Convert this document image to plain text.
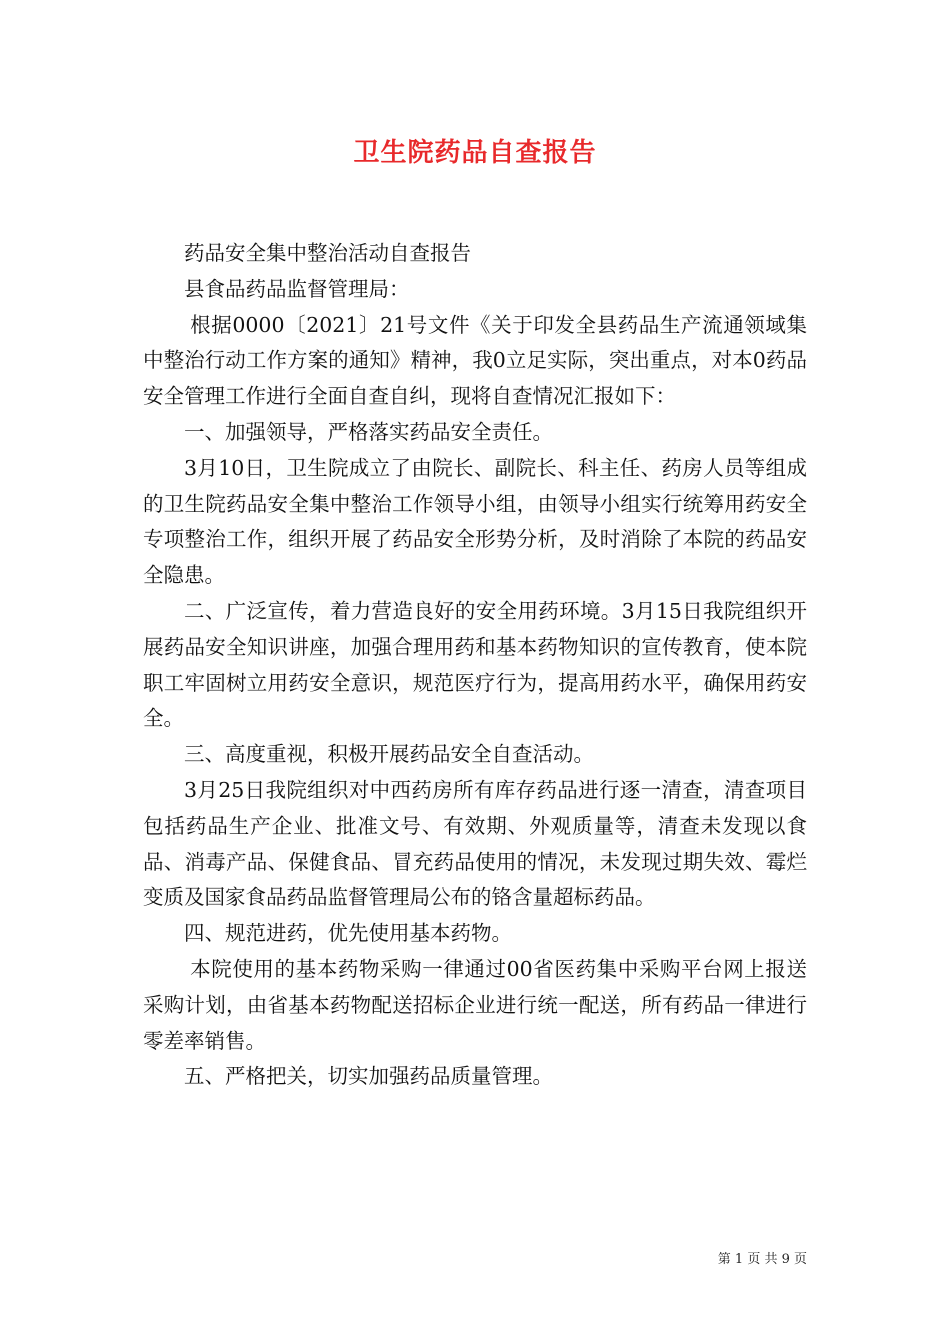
卫生院药品自查报告

药品安全集中整治活动自查报告

县食品药品监督管理局：

根据0000〔2021〕21号文件《关于印发全县药品生产流通领域集中整治行动工作方案的通知》精神，我0立足实际，突出重点，对本0药品安全管理工作进行全面自查自纠，现将自查情况汇报如下：

一、加强领导，严格落实药品安全责任。

3月10日，卫生院成立了由院长、副院长、科主任、药房人员等组成的卫生院药品安全集中整治工作领导小组，由领导小组实行统筹用药安全专项整治工作，组织开展了药品安全形势分析，及时消除了本院的药品安全隐患。

二、广泛宣传，着力营造良好的安全用药环境。3月15日我院组织开展药品安全知识讲座，加强合理用药和基本药物知识的宣传教育，使本院职工牢固树立用药安全意识，规范医疗行为，提高用药水平，确保用药安全。

三、高度重视，积极开展药品安全自查活动。

3月25日我院组织对中西药房所有库存药品进行逐一清查，清查项目包括药品生产企业、批准文号、有效期、外观质量等，清查未发现以食品、消毒产品、保健食品、冒充药品使用的情况，未发现过期失效、霉烂变质及国家食品药品监督管理局公布的铬含量超标药品。

四、规范进药，优先使用基本药物。

本院使用的基本药物采购一律通过00省医药集中采购平台网上报送采购计划，由省基本药物配送招标企业进行统一配送，所有药品一律进行零差率销售。

五、严格把关，切实加强药品质量管理。

第 1 页 共 9 页
